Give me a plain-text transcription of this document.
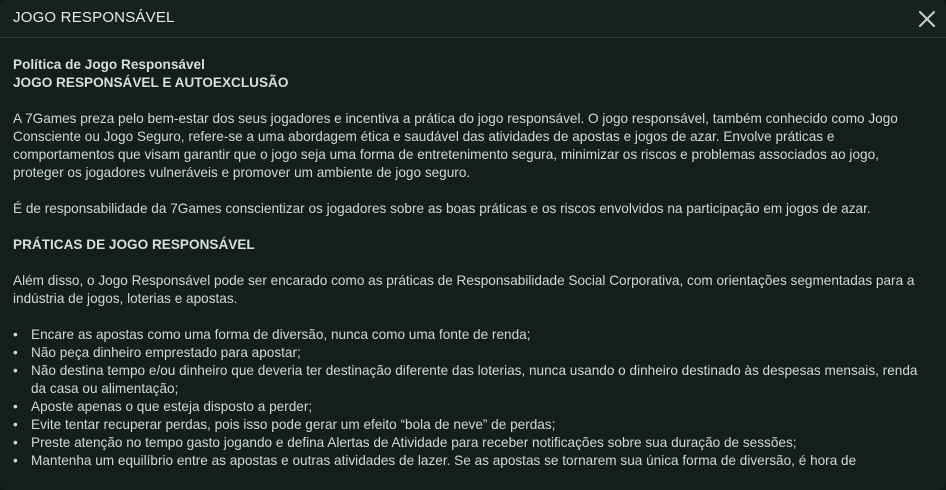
JOGO RESPONSÁVEL

Política de Jogo Responsável

JOGO RESPONSÁVEL E AUTOEXCLUSÃO

A 7Games preza pelo bem-estar dos seus jogadores e incentiva a prática do jogo responsável. O jogo responsável, também conhecido como Jogo Consciente ou Jogo Seguro, refere-se a uma abordagem ética e saudável das atividades de apostas e jogos de azar. Envolve práticas e comportamentos que visam garantir que o jogo seja uma forma de entretenimento segura, minimizar os riscos e problemas associados ao jogo, proteger os jogadores vulneráveis e promover um ambiente de jogo seguro.

É de responsabilidade da 7Games conscientizar os jogadores sobre as boas práticas e os riscos envolvidos na participação em jogos de azar.

PRÁTICAS DE JOGO RESPONSÁVEL

Além disso, o Jogo Responsável pode ser encarado como as práticas de Responsabilidade Social Corporativa, com orientações segmentadas para a indústria de jogos, loterias e apostas.

• Encare as apostas como uma forma de diversão, nunca como uma fonte de renda;
• Não peça dinheiro emprestado para apostar;
• Não destina tempo e/ou dinheiro que deveria ter destinação diferente das loterias, nunca usando o dinheiro destinado às despesas mensais, renda da casa ou alimentação;
• Aposte apenas o que esteja disposto a perder;
• Evite tentar recuperar perdas, pois isso pode gerar um efeito “bola de neve” de perdas;
• Preste atenção no tempo gasto jogando e defina Alertas de Atividade para receber notificações sobre sua duração de sessões;
• Mantenha um equilíbrio entre as apostas e outras atividades de lazer. Se as apostas se tornarem sua única forma de diversão, é hora de
